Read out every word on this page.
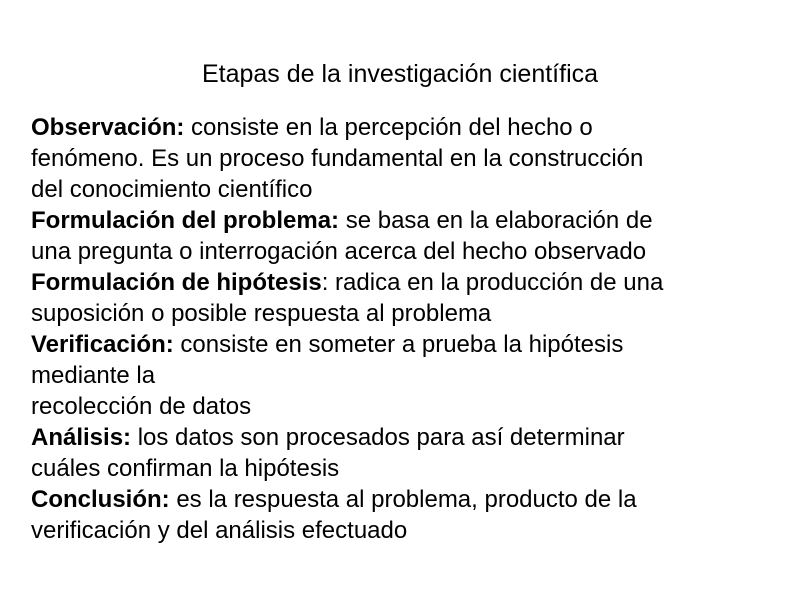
Etapas de la investigación científica
Observación: consiste en la percepción del hecho o
fenómeno. Es un proceso fundamental en la construcción
del conocimiento científico
Formulación del problema: se basa en la elaboración de
una pregunta o interrogación acerca del hecho observado
Formulación de hipótesis: radica en la producción de una
suposición o posible respuesta al problema
Verificación: consiste en someter a prueba la hipótesis
mediante la
recolección de datos
Análisis: los datos son procesados para así determinar
cuáles confirman la hipótesis
Conclusión: es la respuesta al problema, producto de la
verificación y del análisis efectuado
